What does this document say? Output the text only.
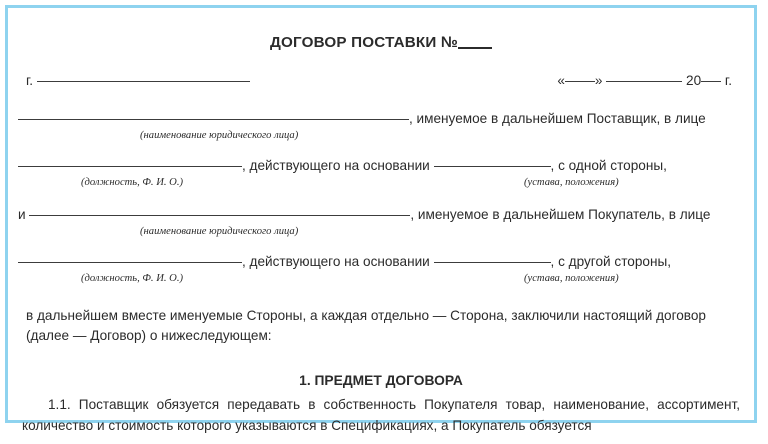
ДОГОВОР ПОСТАВКИ №
г.	« »	20 г.
, именуемое в дальнейшем Поставщик, в лице
(наименование юридического лица)
, действующего на основании	, с одной стороны,
(должность, Ф. И. О.)	(устава, положения)
и	, именуемое в дальнейшем Покупатель, в лице
(наименование юридического лица)
, действующего на основании	, с другой стороны,
(должность, Ф. И. О.)	(устава, положения)
в дальнейшем вместе именуемые Стороны, а каждая отдельно — Сторона, заключили настоящий договор (далее — Договор) о нижеследующем:
1. ПРЕДМЕТ ДОГОВОРА
1.1. Поставщик обязуется передавать в собственность Покупателя товар, наименование, ассортимент, количество и стоимость которого указываются в Спецификациях, а Покупатель обязуется
